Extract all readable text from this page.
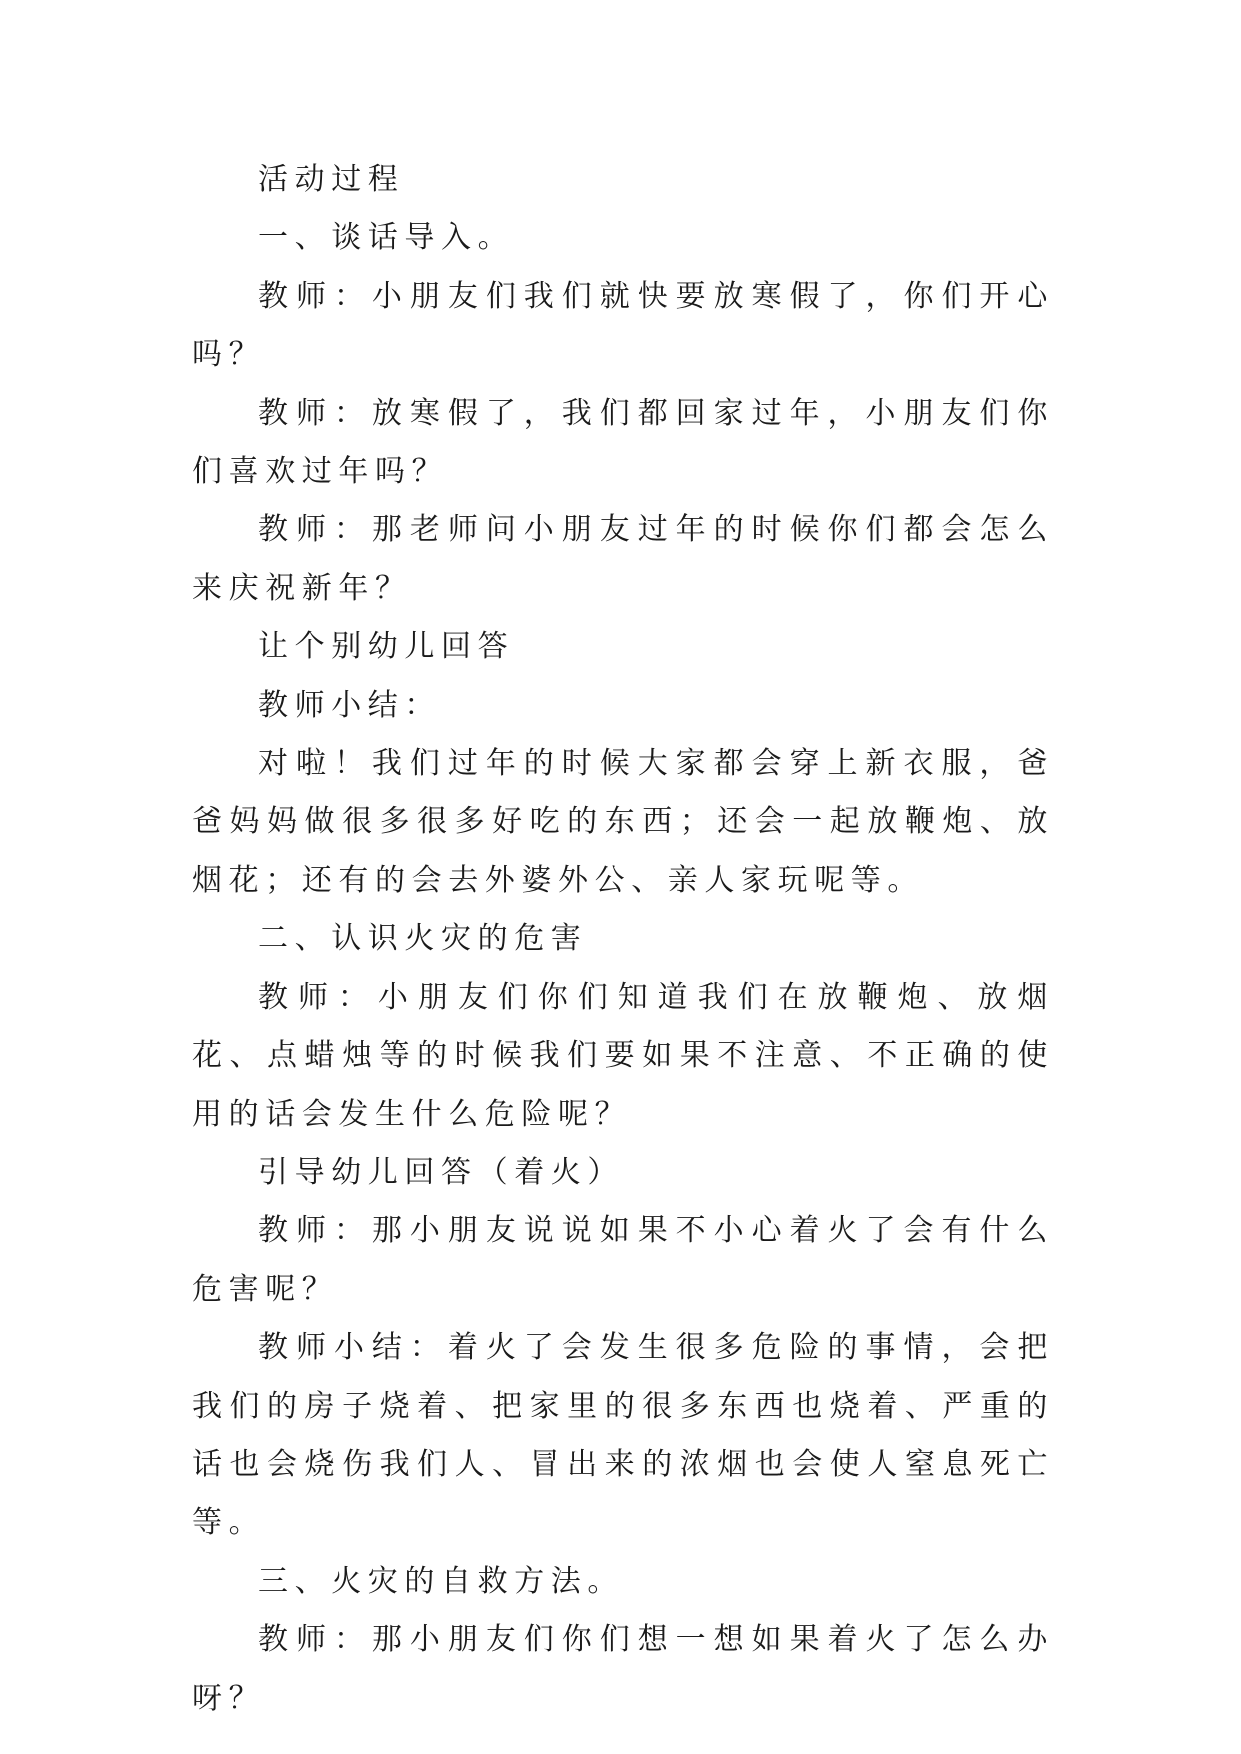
活动过程

一、谈话导入。

教师：小朋友们我们就快要放寒假了，你们开心吗？

教师：放寒假了，我们都回家过年，小朋友们你们喜欢过年吗？

教师：那老师问小朋友过年的时候你们都会怎么来庆祝新年？

让个别幼儿回答

教师小结：

对啦！我们过年的时候大家都会穿上新衣服，爸爸妈妈做很多很多好吃的东西；还会一起放鞭炮、放烟花；还有的会去外婆外公、亲人家玩呢等。

二、认识火灾的危害

教师：小朋友们你们知道我们在放鞭炮、放烟花、点蜡烛等的时候我们要如果不注意、不正确的使用的话会发生什么危险呢？

引导幼儿回答（着火）

教师：那小朋友说说如果不小心着火了会有什么危害呢？

教师小结：着火了会发生很多危险的事情，会把我们的房子烧着、把家里的很多东西也烧着、严重的话也会烧伤我们人、冒出来的浓烟也会使人窒息死亡等。

三、火灾的自救方法。

教师：那小朋友们你们想一想如果着火了怎么办呀？
